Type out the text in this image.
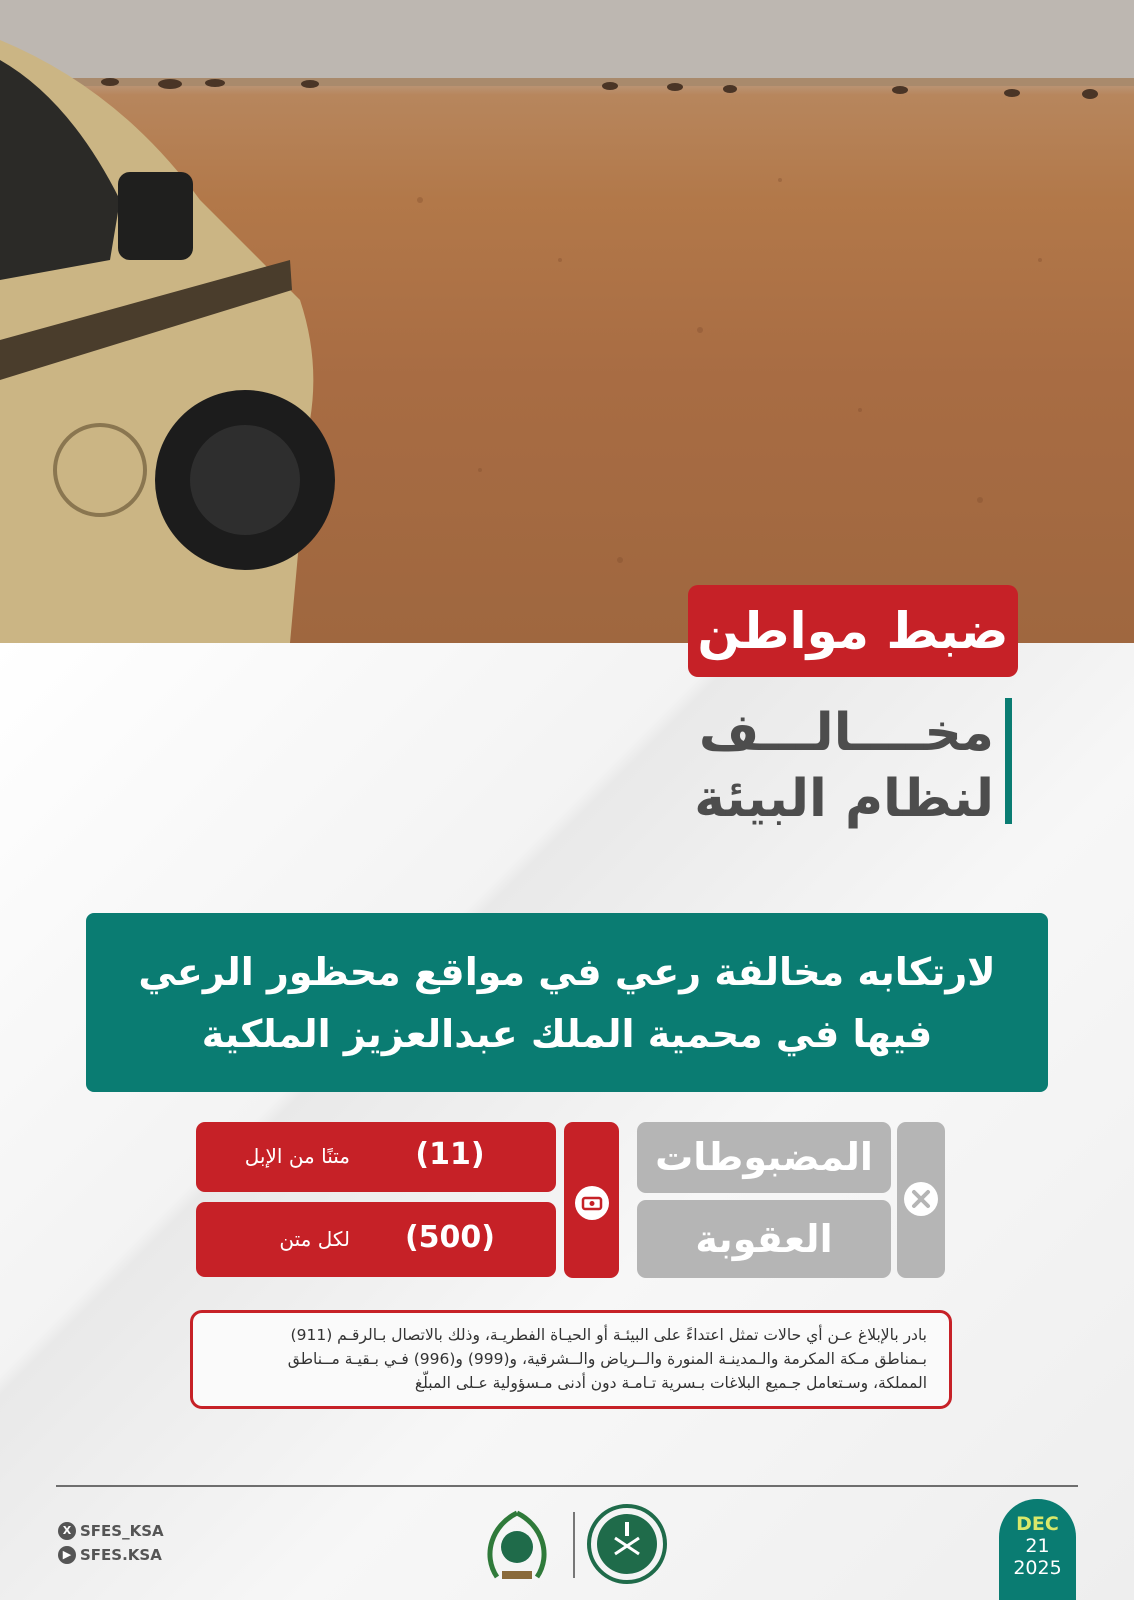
ضبط مواطن
مخــــالـــف
لنظام البيئة
لارتكابه مخالفة رعي في مواقع محظور الرعي
فيها في محمية الملك عبدالعزيز الملكية
المضبوطات
العقوبة
(11)
متنًا من الإبل
(500)
لكل متن
بادر بالإبلاغ عـن أي حالات تمثل اعتداءً على البيئـة أو الحيـاة الفطريـة، وذلك بالاتصال بـالرقـم (911)
بـمناطق مـكة المكرمة والـمدينـة المنورة والــرياض والــشرقية، و(999) و(996) فـي بـقيـة مــناطق
المملكة، وسـتعامل جـميع البلاغات بـسرية تـامـة دون أدنى مـسؤولية عـلى المبلّغ
X SFES_KSA
▶ SFES.KSA
DEC
21
2025
